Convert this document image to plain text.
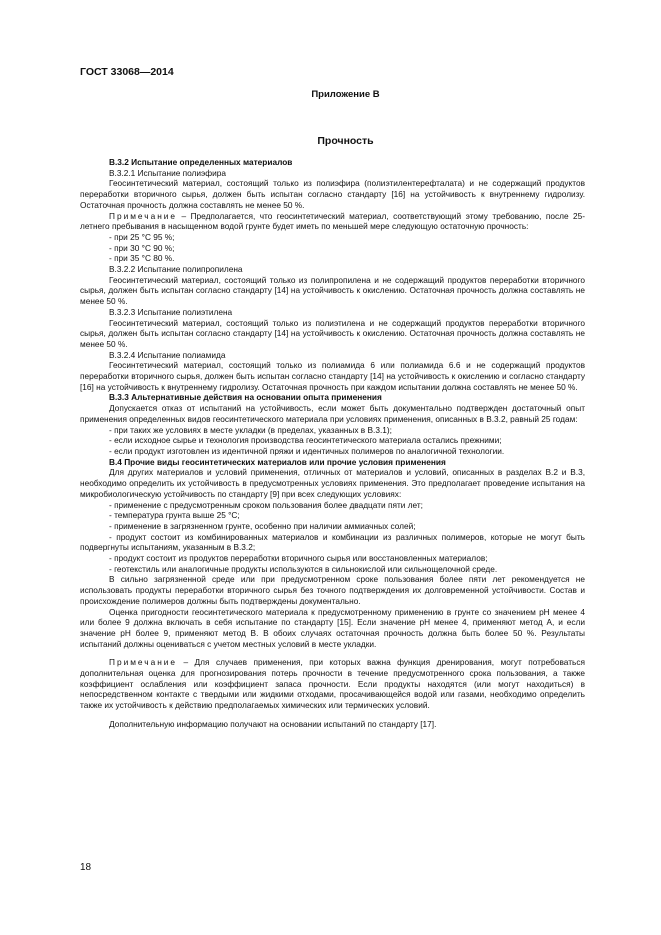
ГОСТ 33068—2014
Приложение В
Прочность

В.3.2 Испытание определенных материалов

В.3.2.1 Испытание полиэфира

Геосинтетический материал, состоящий только из полиэфира (полиэтилентерефталата) и не содержащий продуктов переработки вторичного сырья, должен быть испытан согласно стандарту [16] на устойчивость к внутреннему гидролизу. Остаточная прочность должна составлять не менее 50 %.

Примечание – Предполагается, что геосинтетический материал, соответствующий этому требованию, после 25-летнего пребывания в насыщенном водой грунте будет иметь по меньшей мере следующую остаточную прочность:

- при 25 °С 95 %;

- при 30 °С 90 %;

- при 35 °С 80 %.

В.3.2.2 Испытание полипропилена

Геосинтетический материал, состоящий только из полипропилена и не содержащий продуктов переработки вторичного сырья, должен быть испытан согласно стандарту [14] на устойчивость к окислению. Остаточная прочность должна составлять не менее 50 %.

В.3.2.3 Испытание полиэтилена

Геосинтетический материал, состоящий только из полиэтилена и не содержащий продуктов переработки вторичного сырья, должен быть испытан согласно стандарту [14] на устойчивость к окислению. Остаточная прочность должна составлять не менее 50 %.

В.3.2.4 Испытание полиамида

Геосинтетический материал, состоящий только из полиамида 6 или полиамида 6.6 и не содержащий продуктов переработки вторичного сырья, должен быть испытан согласно стандарту [14] на устойчивость к окислению и согласно стандарту [16] на устойчивость к внутреннему гидролизу. Остаточная прочность при каждом испытании должна составлять не менее 50 %.

В.3.3 Альтернативные действия на основании опыта применения

Допускается отказ от испытаний на устойчивость, если может быть документально подтвержден достаточный опыт применения определенных видов геосинтетического материала при условиях применения, описанных в В.3.2, равный 25 годам:

- при таких же условиях в месте укладки (в пределах, указанных в В.3.1);

- если исходное сырье и технология производства геосинтетического материала остались прежними;

- если продукт изготовлен из идентичной пряжи и идентичных полимеров по аналогичной технологии.

В.4 Прочие виды геосинтетических материалов или прочие условия применения

Для других материалов и условий применения, отличных от материалов и условий, описанных в разделах В.2 и В.3, необходимо определить их устойчивость в предусмотренных условиях применения. Это предполагает проведение испытания на микробиологическую устойчивость по стандарту [9] при всех следующих условиях:

- применение с предусмотренным сроком пользования более двадцати пяти лет;

- температура грунта выше 25 °С;

- применение в загрязненном грунте, особенно при наличии аммиачных солей;

- продукт состоит из комбинированных материалов и комбинации из различных полимеров, которые не могут быть подвергнуты испытаниям, указанным в В.3.2;

- продукт состоит из продуктов переработки вторичного сырья или восстановленных материалов;

- геотекстиль или аналогичные продукты используются в сильнокислой или сильнощелочной среде.

В сильно загрязненной среде или при предусмотренном сроке пользования более пяти лет рекомендуется не использовать продукты переработки вторичного сырья без точного подтверждения их долговременной устойчивости. Состав и происхождение полимеров должны быть подтверждены документально.

Оценка пригодности геосинтетического материала к предусмотренному применению в грунте со значением рН менее 4 или более 9 должна включать в себя испытание по стандарту [15]. Если значение рН менее 4, применяют метод А, и если значение рН более 9, применяют метод В. В обоих случаях остаточная прочность должна быть более 50 %. Результаты испытаний должны оцениваться с учетом местных условий в месте укладки.

Примечание – Для случаев применения, при которых важна функция дренирования, могут потребоваться дополнительная оценка для прогнозирования потерь прочности в течение предусмотренного срока пользования, а также коэффициент ослабления или коэффициент запаса прочности. Если продукты находятся (или могут находиться) в непосредственном контакте с твердыми или жидкими отходами, просачивающейся водой или газами, необходимо определить также их устойчивость к действию предполагаемых химических или термических условий.

Дополнительную информацию получают на основании испытаний по стандарту [17].

18
